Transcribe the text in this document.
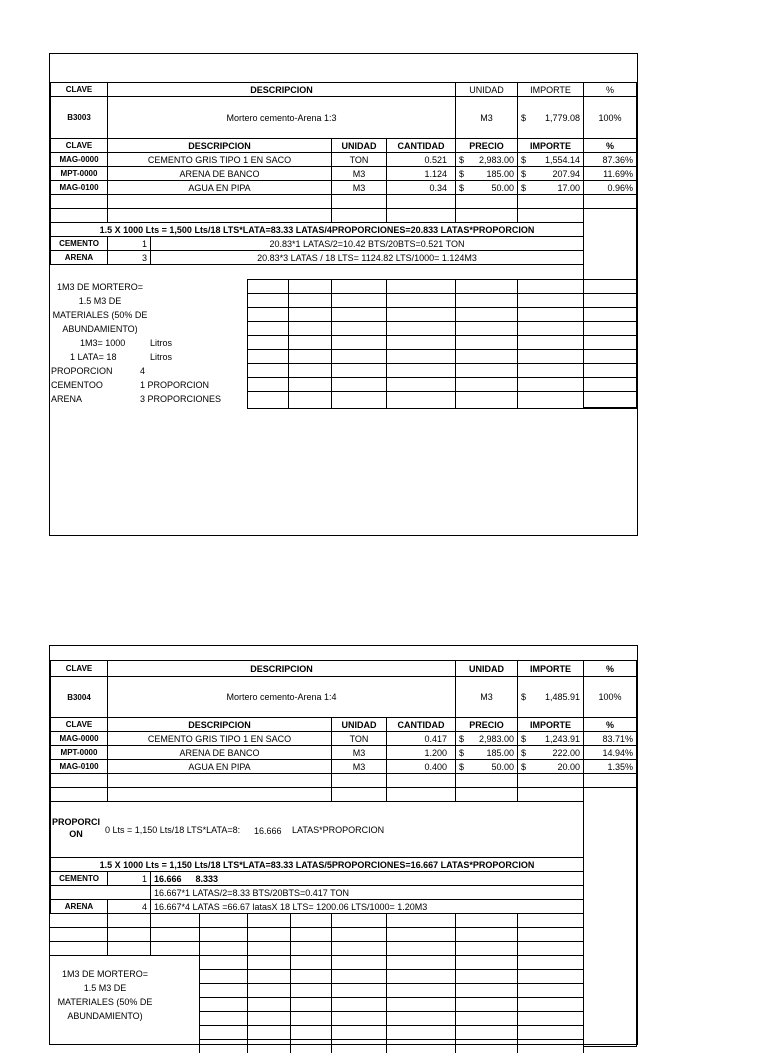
CLAVE	DESCRIPCION	UNIDAD	IMPORTE	%
B3003	Mortero cemento-Arena 1:3	M3	$ 1,779.08	100%
CLAVE	DESCRIPCION	UNIDAD	CANTIDAD	PRECIO	IMPORTE	%
MAG-0000	CEMENTO GRIS TIPO 1 EN SACO	TON	0.521	$ 2,983.00 $ 1,554.14	87.36%
MPT-0000	ARENA DE BANCO	M3	1.124	$ 185.00 $	207.94	11.69%
MAG-0100	AGUA EN PIPA	M3	0.34	$	50.00 $	17.00	0.96%
1.5 X 1000 Lts = 1,500 Lts/18 LTS*LATA=83.33 LATAS/4PROPORCIONES=20.833 LATAS*PROPORCION
CEMENTO	1	20.83*1 LATAS/2=10.42 BTS/20BTS=0.521 TON
ARENA	3	20.83*3 LATAS / 18 LTS= 1124.82 LTS/1000= 1.124M3
1M3 DE MORTERO=
1.5 M3 DE
MATERIALES (50% DE
ABUNDAMIENTO)
1M3= 1000	Litros
1 LATA= 18	Litros
PROPORCION	4
CEMENTOO	1 PROPORCION
ARENA	3 PROPORCIONES
CLAVE	DESCRIPCION	UNIDAD	IMPORTE	%
B3004	Mortero cemento-Arena 1:4	M3	$ 1,485.91	100%
CLAVE	DESCRIPCION	UNIDAD	CANTIDAD	PRECIO	IMPORTE	%
MAG-0000	CEMENTO GRIS TIPO 1 EN SACO	TON	0.417	$ 2,983.00 $ 1,243.91	83.71%
MPT-0000	ARENA DE BANCO	M3	1.200	$ 185.00 $	222.00	14.94%
MAG-0100	AGUA EN PIPA	M3	0.400	$	50.00 $	20.00	1.35%
PROPORCION	0 Lts = 1,150 Lts/18 LTS*LATA=8: 16.666 LATAS*PROPORCION
1.5 X 1000 Lts = 1,150 Lts/18 LTS*LATA=83.33 LATAS/5PROPORCIONES=16.667 LATAS*PROPORCION
CEMENTO	1 16.666 8.333
16.667*1 LATAS/2=8.33 BTS/20BTS=0.417 TON
ARENA	4 16.667*4 LATAS =66.67 latasX 18 LTS= 1200.06 LTS/1000= 1.20M3
1M3 DE MORTERO=
1.5 M3 DE
MATERIALES (50% DE
ABUNDAMIENTO)
